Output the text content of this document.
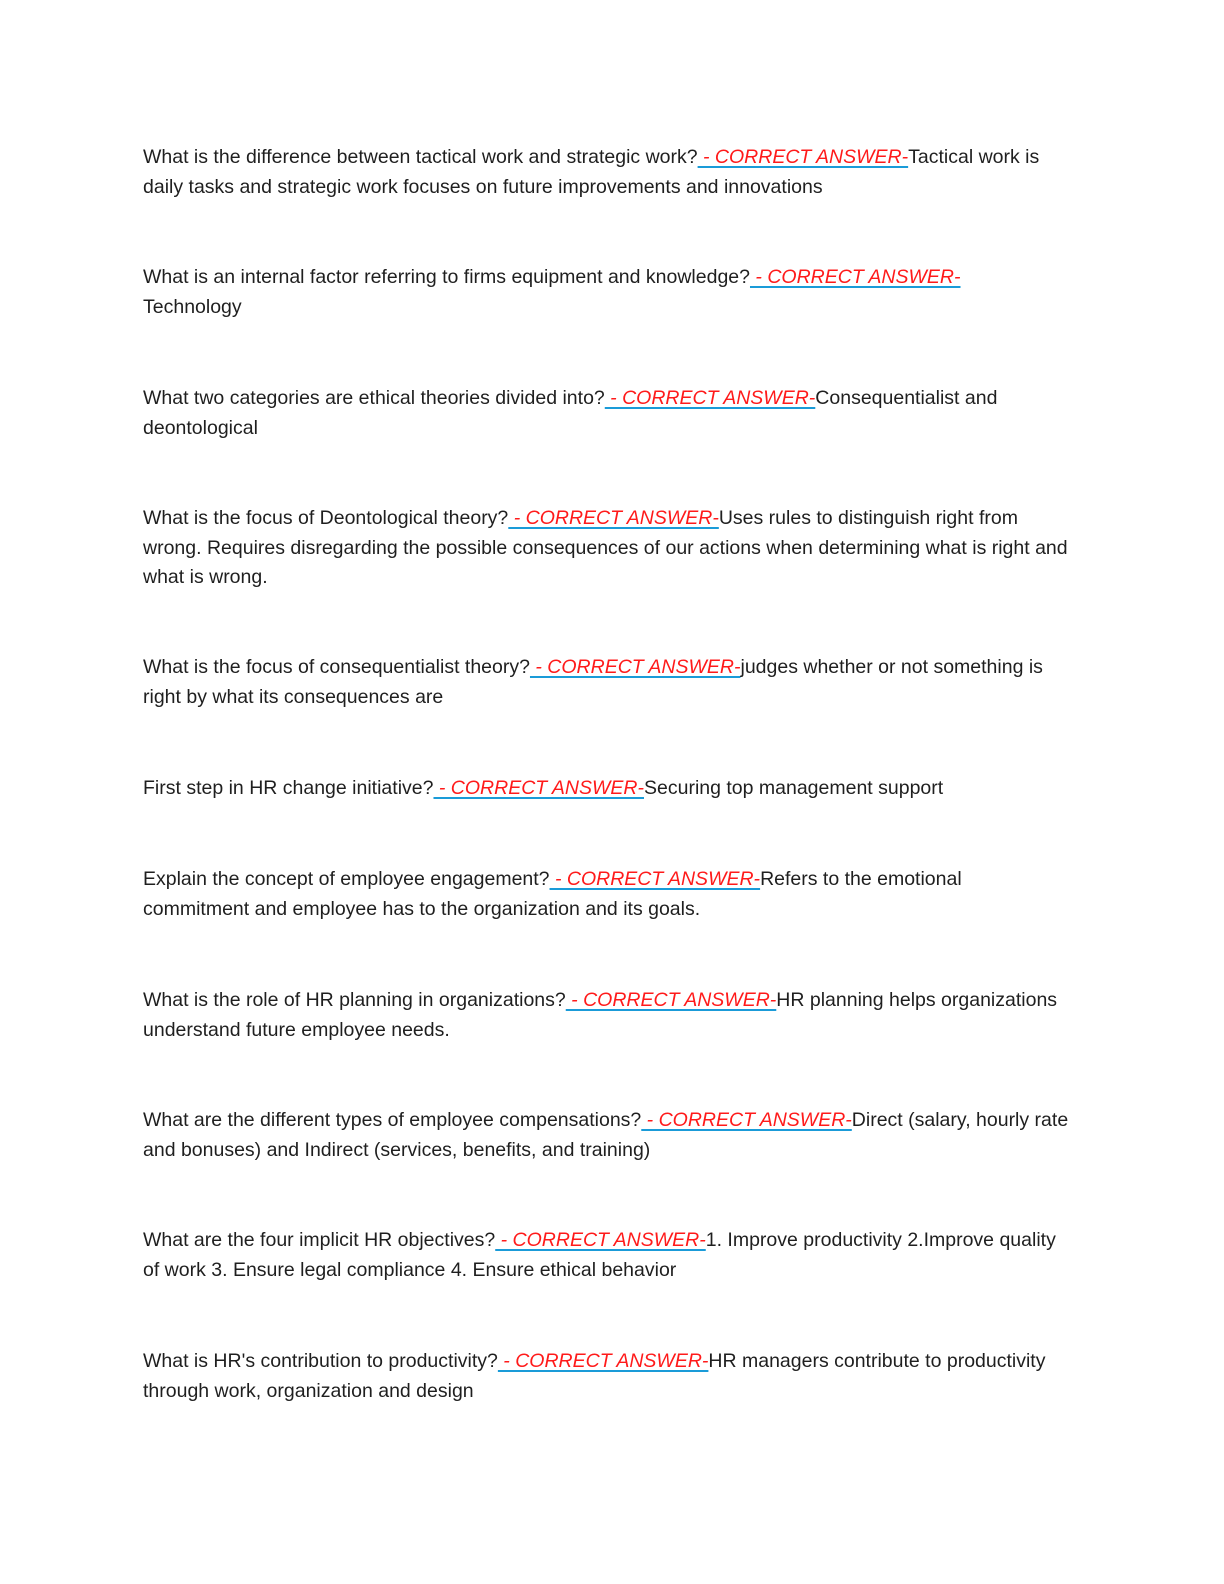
What is the difference between tactical work and strategic work? - CORRECT ANSWER-Tactical work is daily tasks and strategic work focuses on future improvements and innovations

What is an internal factor referring to firms equipment and knowledge? - CORRECT ANSWER-
Technology

What two categories are ethical theories divided into? - CORRECT ANSWER-Consequentialist and deontological

What is the focus of Deontological theory? - CORRECT ANSWER-Uses rules to distinguish right from wrong. Requires disregarding the possible consequences of our actions when determining what is right and what is wrong.

What is the focus of consequentialist theory? - CORRECT ANSWER-judges whether or not something is right by what its consequences are

First step in HR change initiative? - CORRECT ANSWER-Securing top management support

Explain the concept of employee engagement? - CORRECT ANSWER-Refers to the emotional commitment and employee has to the organization and its goals.

What is the role of HR planning in organizations? - CORRECT ANSWER-HR planning helps organizations understand future employee needs.

What are the different types of employee compensations? - CORRECT ANSWER-Direct (salary, hourly rate and bonuses) and Indirect (services, benefits, and training)

What are the four implicit HR objectives? - CORRECT ANSWER-1. Improve productivity 2.Improve quality of work 3. Ensure legal compliance 4. Ensure ethical behavior

What is HR's contribution to productivity? - CORRECT ANSWER-HR managers contribute to productivity through work, organization and design
